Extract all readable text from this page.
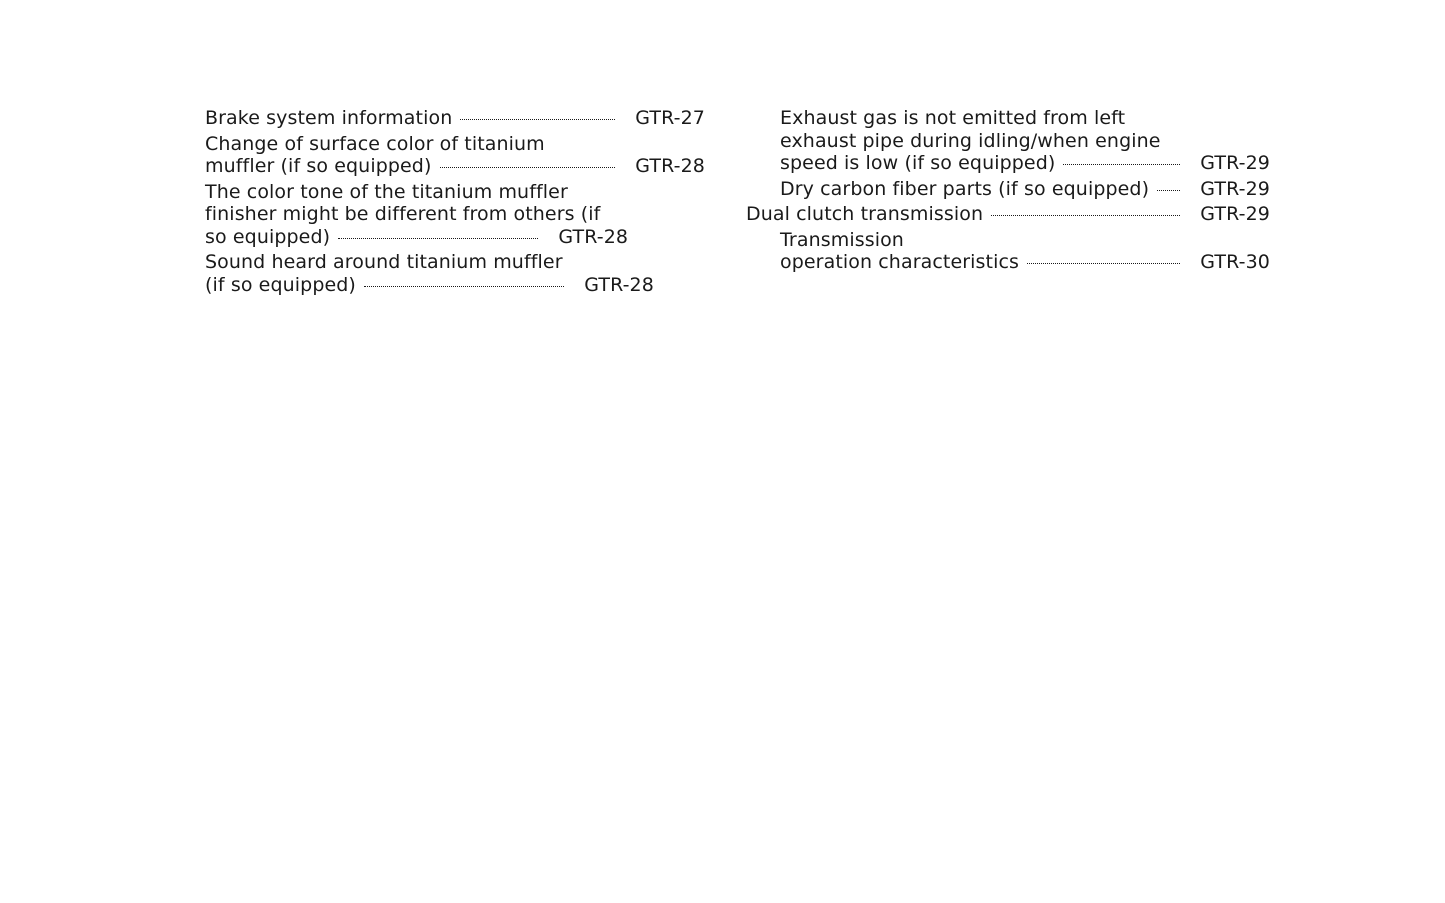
Brake system information	GTR-27
Change of surface color of titanium
muffler (if so equipped)	GTR-28
The color tone of the titanium muffler
finisher might be different from others (if
so equipped)	GTR-28
Sound heard around titanium muffler
(if so equipped)	GTR-28
Exhaust gas is not emitted from left
exhaust pipe during idling/when engine
speed is low (if so equipped)	GTR-29
Dry carbon fiber parts (if so equipped)	GTR-29
Dual clutch transmission	GTR-29
Transmission
operation characteristics	GTR-30
